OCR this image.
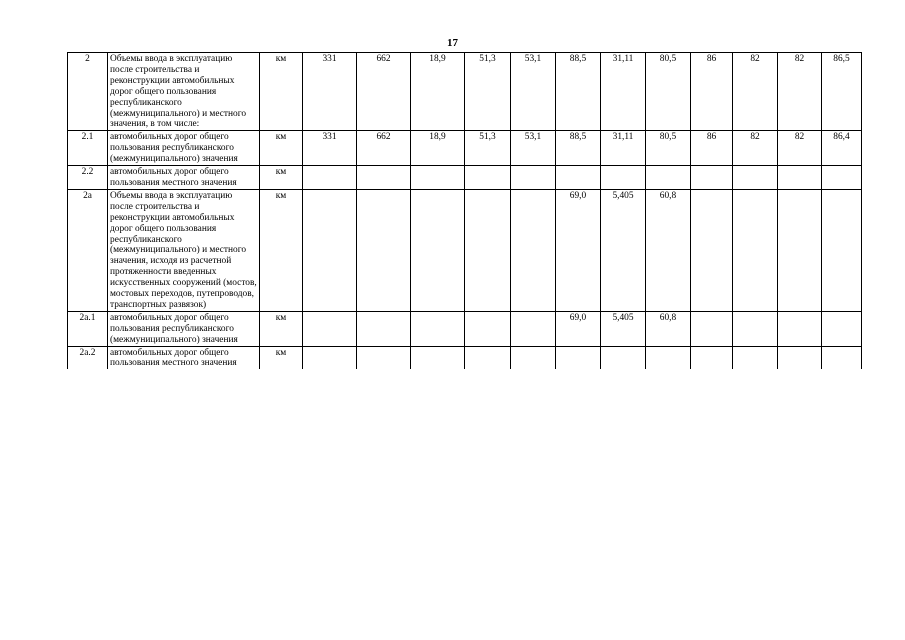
17
2	Объемы ввода в эксплуатацию после строительства и реконструкции автомобильных дорог общего пользования республиканского (межмуниципального) и местного значения, в том числе:	км	331	662	18,9	51,3	53,1	88,5	31,11	80,5	86	82	82	86,5
2.1	автомобильных дорог общего пользования республиканского (межмуниципального) значения	км	331	662	18,9	51,3	53,1	88,5	31,11	80,5	86	82	82	86,4
2.2	автомобильных дорог общего пользования местного значения	км												
2а	Объемы ввода в эксплуатацию после строительства и реконструкции автомобильных дорог общего пользования республиканского (межмуниципального) и местного значения, исходя из расчетной протяженности введенных искусственных сооружений (мостов, мостовых переходов, путепроводов, транспортных развязок)	км						69,0	5,405	60,8				
2а.1	автомобильных дорог общего пользования республиканского (межмуниципального) значения	км						69,0	5,405	60,8				
2а.2	автомобильных дорог общего пользования местного значения	км												
